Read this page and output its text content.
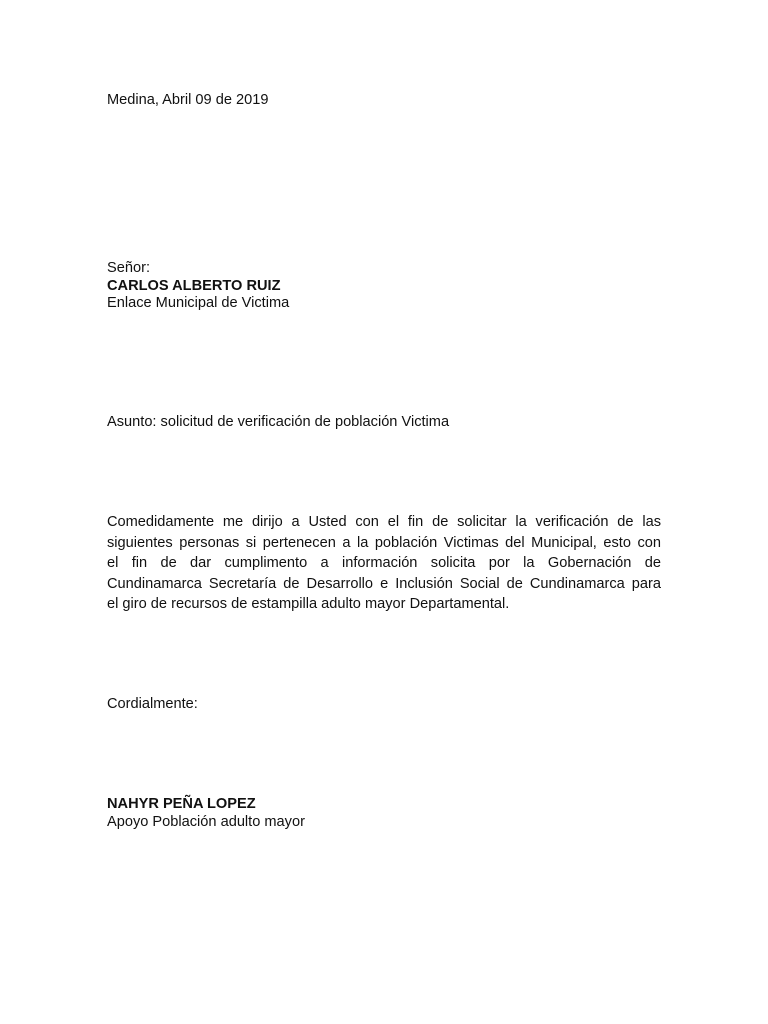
Medina, Abril 09 de 2019
Señor:
CARLOS ALBERTO RUIZ
Enlace Municipal de Victima
Asunto: solicitud de verificación de población Victima
Comedidamente me dirijo a Usted con el fin de solicitar la verificación de las
siguientes personas si pertenecen a la población Victimas del Municipal, esto con
el fin de dar cumplimento a información solicita por la Gobernación de
Cundinamarca Secretaría de Desarrollo e Inclusión Social de Cundinamarca para
el giro de recursos de estampilla adulto mayor Departamental.
Cordialmente:
NAHYR PEÑA LOPEZ
Apoyo Población adulto mayor
